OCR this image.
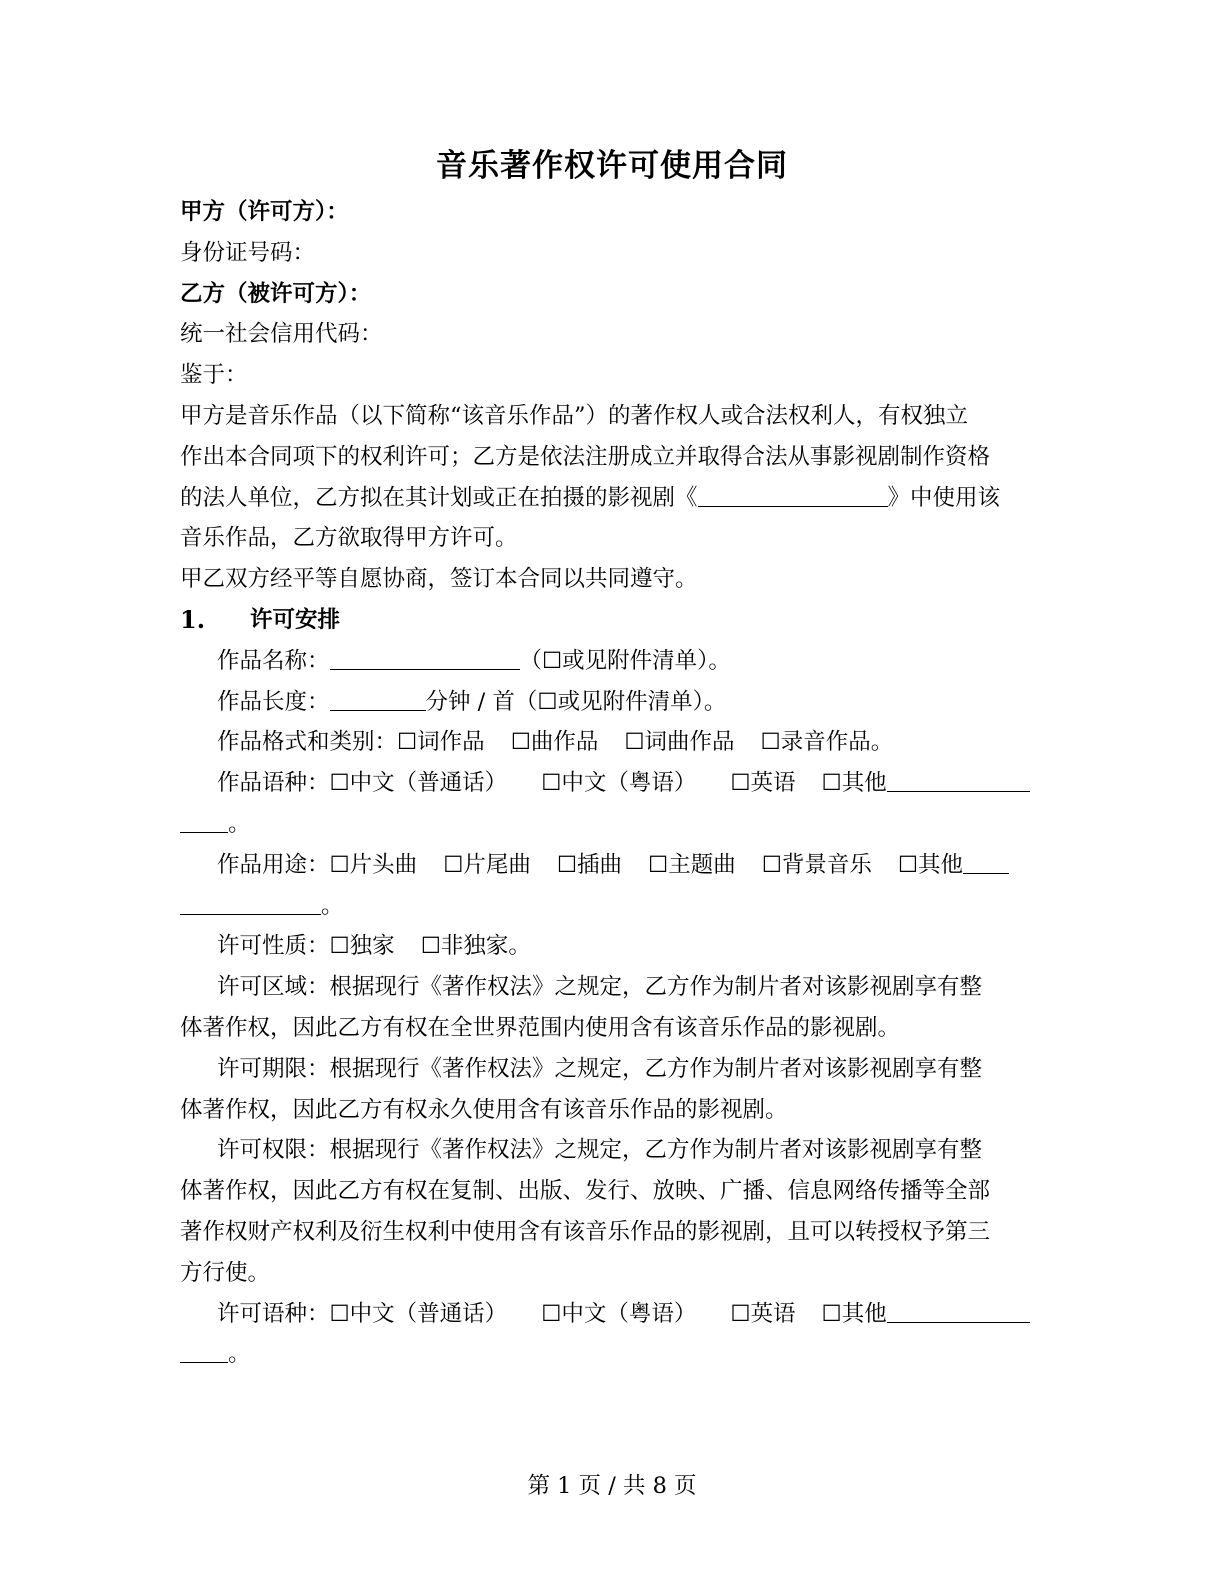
音乐著作权许可使用合同
甲方（许可方）：
身份证号码：
乙方（被许可方）：
统一社会信用代码：
鉴于：
甲方是音乐作品（以下简称“该音乐作品”）的著作权人或合法权利人，有权独立
作出本合同项下的权利许可；乙方是依法注册成立并取得合法从事影视剧制作资格
的法人单位，乙方拟在其计划或正在拍摄的影视剧《	》中使用该
音乐作品，乙方欲取得甲方许可。
甲乙双方经平等自愿协商，签订本合同以共同遵守。
1.	许可安排
作品名称：	（☐或见附件清单）。
作品长度：	分钟 / 首（☐或见附件清单）。
作品格式和类别：☐词作品 ☐曲作品 ☐词曲作品 ☐录音作品。
作品语种：☐中文（普通话） ☐中文（粤语） ☐英语 ☐其他
。
作品用途：☐片头曲 ☐片尾曲 ☐插曲 ☐主题曲 ☐背景音乐 ☐其他
。
许可性质：☐独家 ☐非独家。
许可区域：根据现行《著作权法》之规定，乙方作为制片者对该影视剧享有整
体著作权，因此乙方有权在全世界范围内使用含有该音乐作品的影视剧。
许可期限：根据现行《著作权法》之规定，乙方作为制片者对该影视剧享有整
体著作权，因此乙方有权永久使用含有该音乐作品的影视剧。
许可权限：根据现行《著作权法》之规定，乙方作为制片者对该影视剧享有整
体著作权，因此乙方有权在复制、出版、发行、放映、广播、信息网络传播等全部
著作权财产权利及衍生权利中使用含有该音乐作品的影视剧，且可以转授权予第三
方行使。
许可语种：☐中文（普通话） ☐中文（粤语） ☐英语 ☐其他
。
第 1 页 / 共 8 页
